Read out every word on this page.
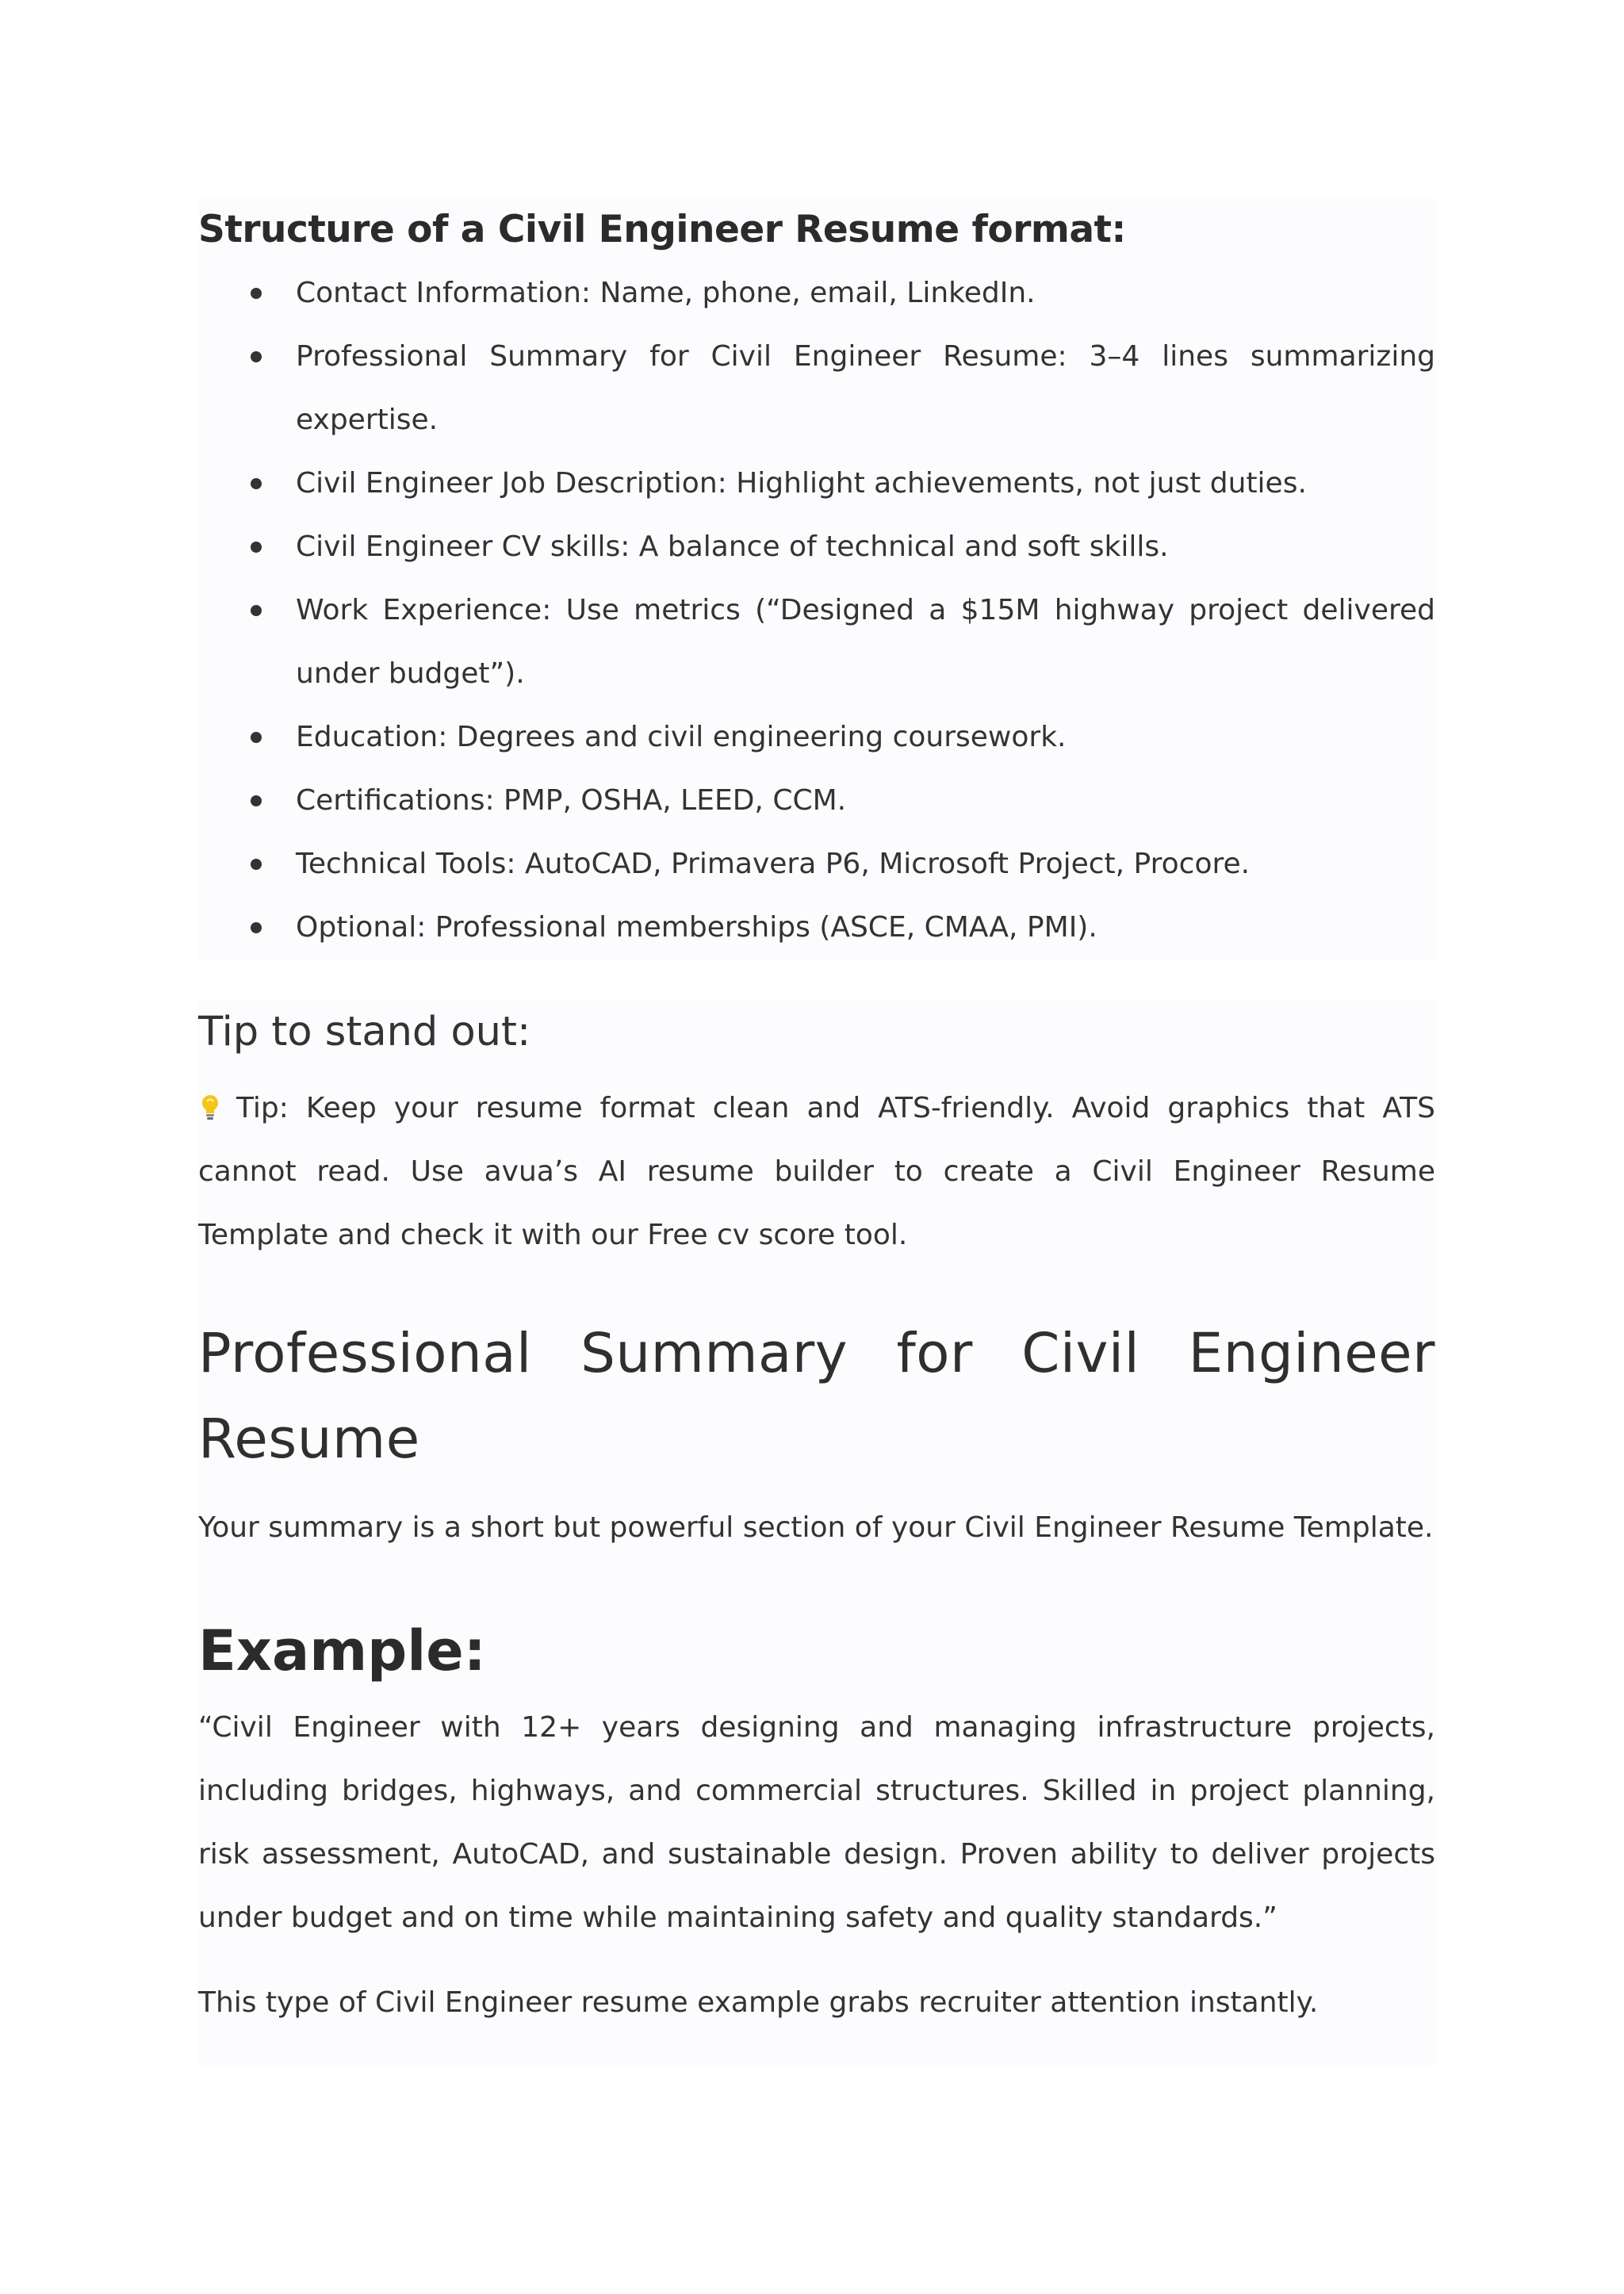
Structure of a Civil Engineer Resume format:
Contact Information: Name, phone, email, LinkedIn.
Professional Summary for Civil Engineer Resume: 3–4 lines summarizing expertise.
Civil Engineer Job Description: Highlight achievements, not just duties.
Civil Engineer CV skills: A balance of technical and soft skills.
Work Experience: Use metrics (“Designed a $15M highway project delivered under budget”).
Education: Degrees and civil engineering coursework.
Certifications: PMP, OSHA, LEED, CCM.
Technical Tools: AutoCAD, Primavera P6, Microsoft Project, Procore.
Optional: Professional memberships (ASCE, CMAA, PMI).
Tip to stand out:

Tip: Keep your resume format clean and ATS-friendly. Avoid graphics that ATS cannot read. Use avua’s AI resume builder to create a Civil Engineer Resume Template and check it with our Free cv score tool.

Professional Summary for Civil Engineer
Resume

Your summary is a short but powerful section of your Civil Engineer Resume Template.

Example:

“Civil Engineer with 12+ years designing and managing infrastructure projects, including bridges, highways, and commercial structures. Skilled in project planning, risk assessment, AutoCAD, and sustainable design. Proven ability to deliver projects under budget and on time while maintaining safety and quality standards.”

This type of Civil Engineer resume example grabs recruiter attention instantly.
